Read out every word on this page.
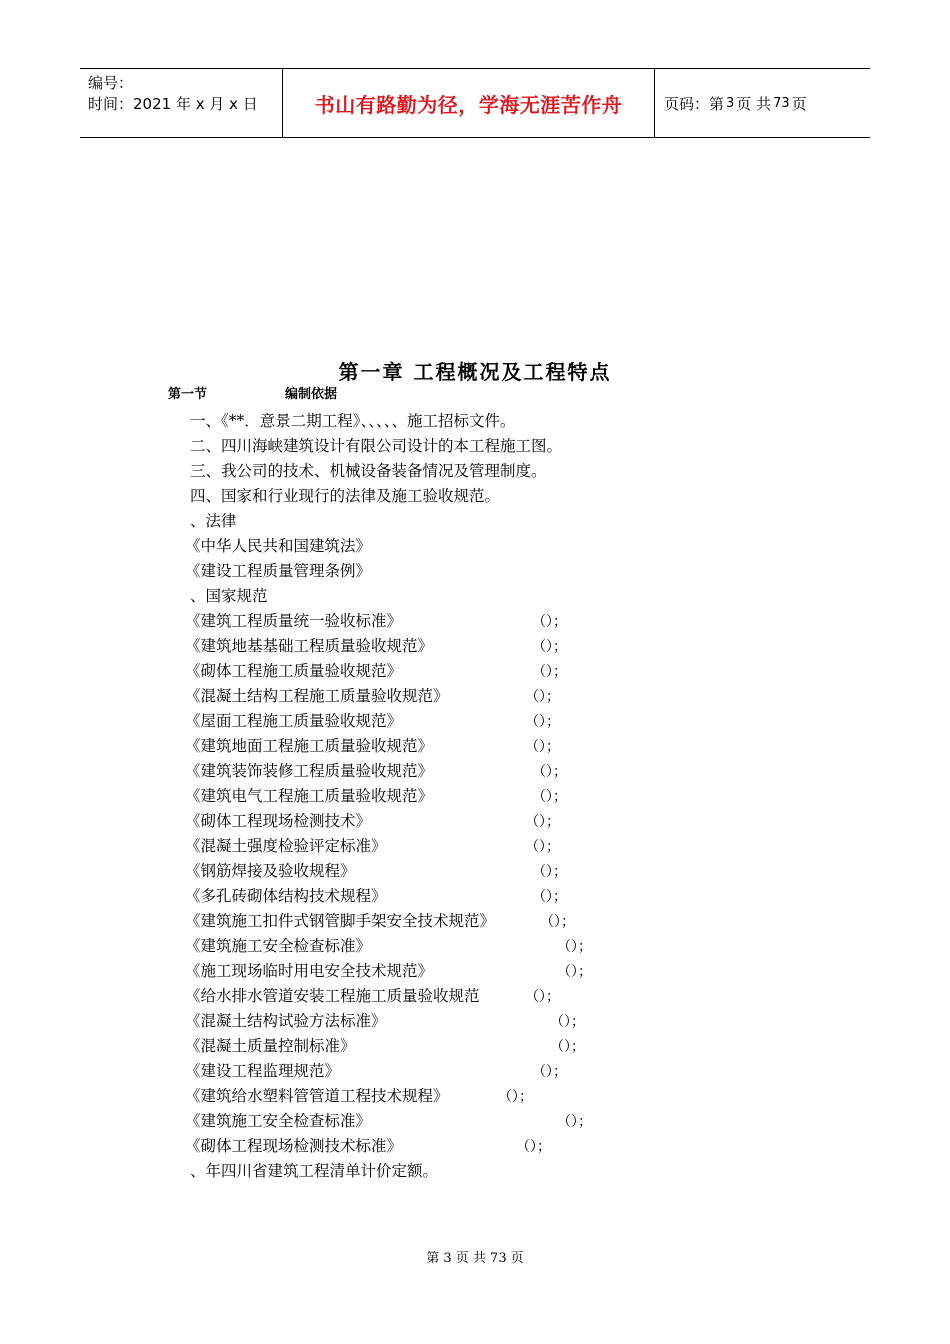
编号：
时间：2021 年 x 月 x 日	书山有路勤为径，学海无涯苦作舟	页码：第 3 页 共 73 页
第一章 工程概况及工程特点
第一节	编制依据
一、《**．意景二期工程》、、、、、施工招标文件。
二、四川海峡建筑设计有限公司设计的本工程施工图。
三、我公司的技术、机械设备装备情况及管理制度。
四、国家和行业现行的法律及施工验收规范。
、法律
《中华人民共和国建筑法》
《建设工程质量管理条例》
、国家规范
《建筑工程质量统一验收标准》	（）；
《建筑地基基础工程质量验收规范》	（）；
《砌体工程施工质量验收规范》	（）；
《混凝土结构工程施工质量验收规范》	（）；
《屋面工程施工质量验收规范》	（）；
《建筑地面工程施工质量验收规范》	（）；
《建筑装饰装修工程质量验收规范》	（）；
《建筑电气工程施工质量验收规范》	（）；
《砌体工程现场检测技术》	（）；
《混凝土强度检验评定标准》	（）；
《钢筋焊接及验收规程》	（）；
《多孔砖砌体结构技术规程》	（）；
《建筑施工扣件式钢管脚手架安全技术规范》	（）；
《建筑施工安全检查标准》	（）；
《施工现场临时用电安全技术规范》	（）；
《给水排水管道安装工程施工质量验收规范	（）；
《混凝土结构试验方法标准》	（）；
《混凝土质量控制标准》	（）；
《建设工程监理规范》	（）；
《建筑给水塑料管管道工程技术规程》	（）；
《建筑施工安全检查标准》	（）；
《砌体工程现场检测技术标准》	（）；
、年四川省建筑工程清单计价定额。
第 3 页 共 73 页
